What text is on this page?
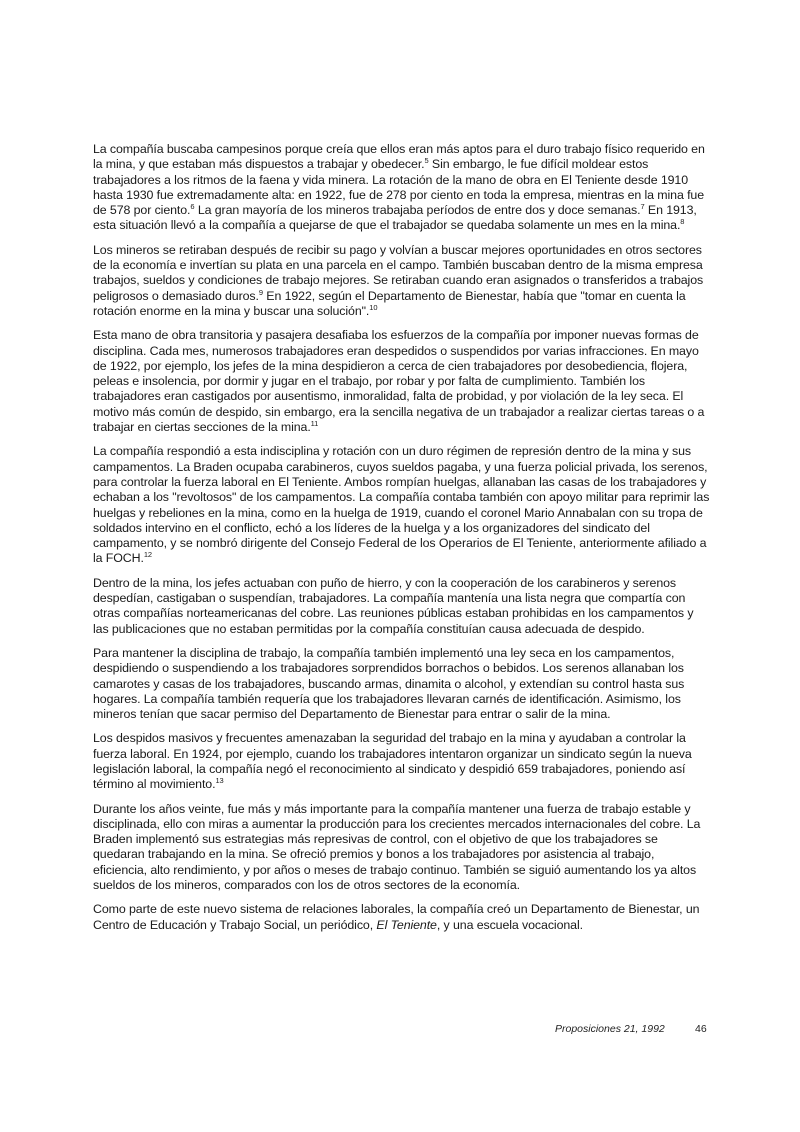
La compañía buscaba campesinos porque creía que ellos eran más aptos para el duro trabajo físico requerido en la mina, y que estaban más dispuestos a trabajar y obedecer.$^5$ Sin embargo, le fue difícil moldear estos trabajadores a los ritmos de la faena y vida minera. La rotación de la mano de obra en El Teniente desde 1910 hasta 1930 fue extremadamente alta: en 1922, fue de 278 por ciento en toda la empresa, mientras en la mina fue de 578 por ciento.$^6$ La gran mayoría de los mineros trabajaba períodos de entre dos y doce semanas.$^7$ En 1913, esta situación llevó a la compañía a quejarse de que el trabajador se quedaba solamente un mes en la mina.$^8$

Los mineros se retiraban después de recibir su pago y volvían a buscar mejores oportunidades en otros sectores de la economía e invertían su plata en una parcela en el campo. También buscaban dentro de la misma empresa trabajos, sueldos y condiciones de trabajo mejores. Se retiraban cuando eran asignados o transferidos a trabajos peligrosos o demasiado duros.$^9$ En 1922, según el Departamento de Bienestar, había que "tomar en cuenta la rotación enorme en la mina y buscar una solución".$^{10}$

Esta mano de obra transitoria y pasajera desafiaba los esfuerzos de la compañía por imponer nuevas formas de disciplina. Cada mes, numerosos trabajadores eran despedidos o suspendidos por varias infracciones. En mayo de 1922, por ejemplo, los jefes de la mina despidieron a cerca de cien trabajadores por desobediencia, flojera, peleas e insolencia, por dormir y jugar en el trabajo, por robar y por falta de cumplimiento. También los trabajadores eran castigados por ausentismo, inmoralidad, falta de probidad, y por violación de la ley seca. El motivo más común de despido, sin embargo, era la sencilla negativa de un trabajador a realizar ciertas tareas o a trabajar en ciertas secciones de la mina.$^{11}$

La compañía respondió a esta indisciplina y rotación con un duro régimen de represión dentro de la mina y sus campamentos. La Braden ocupaba carabineros, cuyos sueldos pagaba, y una fuerza policial privada, los serenos, para controlar la fuerza laboral en El Teniente. Ambos rompían huelgas, allanaban las casas de los trabajadores y echaban a los "revoltosos" de los campamentos. La compañía contaba también con apoyo militar para reprimir las huelgas y rebeliones en la mina, como en la huelga de 1919, cuando el coronel Mario Annabalan con su tropa de soldados intervino en el conflicto, echó a los líderes de la huelga y a los organizadores del sindicato del campamento, y se nombró dirigente del Consejo Federal de los Operarios de El Teniente, anteriormente afiliado a la FOCH.$^{12}$

Dentro de la mina, los jefes actuaban con puño de hierro, y con la cooperación de los carabineros y serenos despedían, castigaban o suspendían, trabajadores. La compañía mantenía una lista negra que compartía con otras compañías norteamericanas del cobre. Las reuniones públicas estaban prohibidas en los campamentos y las publicaciones que no estaban permitidas por la compañía constituían causa adecuada de despido.

Para mantener la disciplina de trabajo, la compañía también implementó una ley seca en los campamentos, despidiendo o suspendiendo a los trabajadores sorprendidos borrachos o bebidos. Los serenos allanaban los camarotes y casas de los trabajadores, buscando armas, dinamita o alcohol, y extendían su control hasta sus hogares. La compañía también requería que los trabajadores llevaran carnés de identificación. Asimismo, los mineros tenían que sacar permiso del Departamento de Bienestar para entrar o salir de la mina.

Los despidos masivos y frecuentes amenazaban la seguridad del trabajo en la mina y ayudaban a controlar la fuerza laboral. En 1924, por ejemplo, cuando los trabajadores intentaron organizar un sindicato según la nueva legislación laboral, la compañía negó el reconocimiento al sindicato y despidió 659 trabajadores, poniendo así término al movimiento.$^{13}$

Durante los años veinte, fue más y más importante para la compañía mantener una fuerza de trabajo estable y disciplinada, ello con miras a aumentar la producción para los crecientes mercados internacionales del cobre. La Braden implementó sus estrategias más represivas de control, con el objetivo de que los trabajadores se quedaran trabajando en la mina. Se ofreció premios y bonos a los trabajadores por asistencia al trabajo, eficiencia, alto rendimiento, y por años o meses de trabajo continuo. También se siguió aumentando los ya altos sueldos de los mineros, comparados con los de otros sectores de la economía.

Como parte de este nuevo sistema de relaciones laborales, la compañía creó un Departamento de Bienestar, un Centro de Educación y Trabajo Social, un periódico, El Teniente, y una escuela vocacional.

Proposiciones 21, 1992	46
